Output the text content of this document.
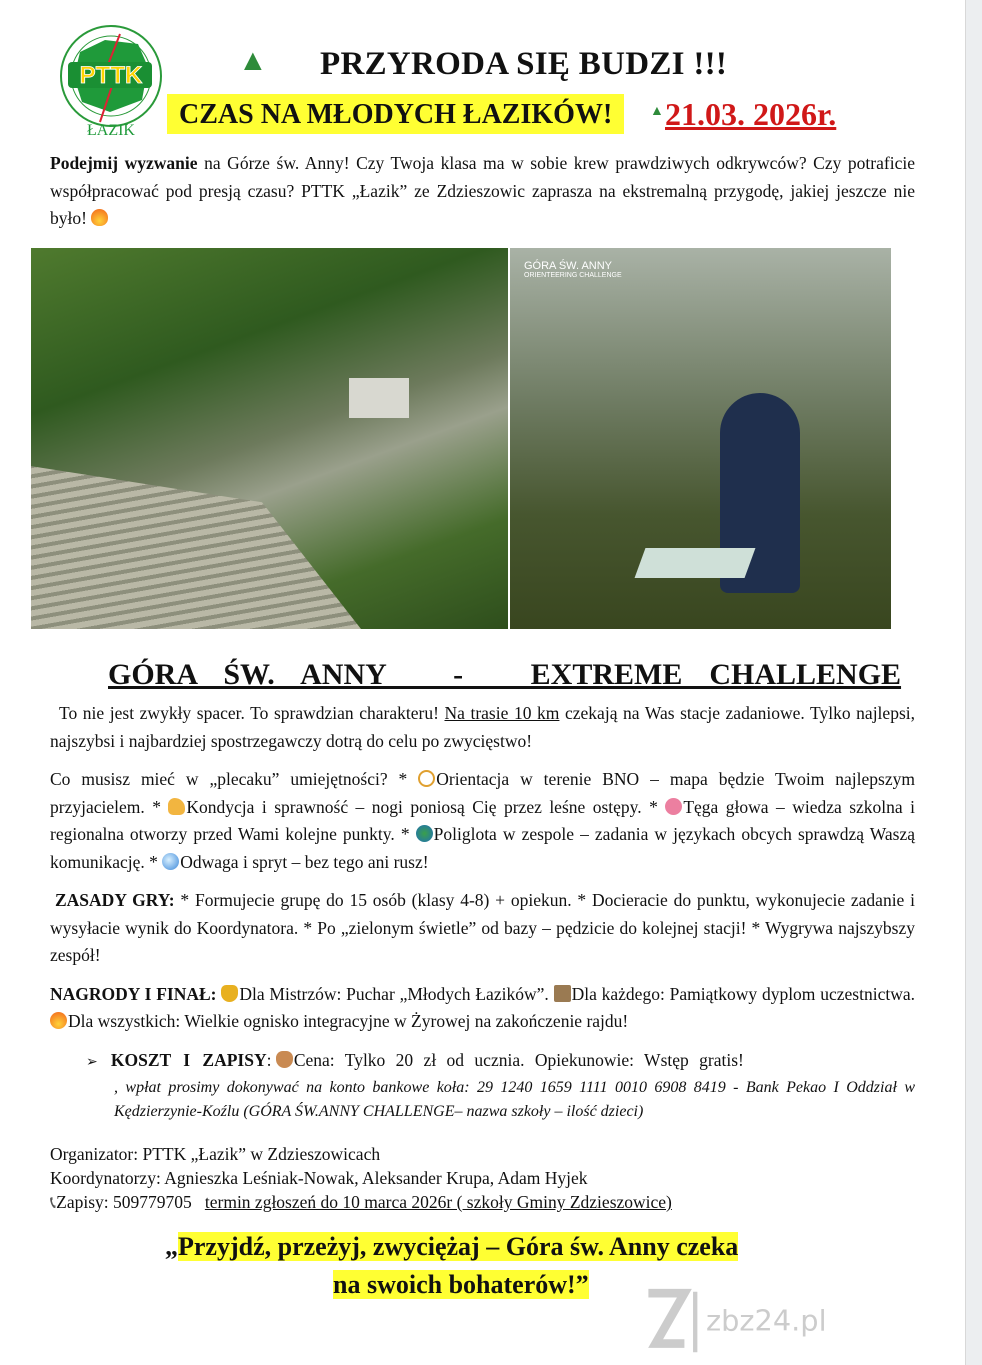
PTTK
ŁAZIK
▲ PRZYRODA SIĘ BUDZI !!!
CZAS NA MŁODYCH ŁAZIKÓW!	▲ 21.03. 2026r.
Podejmij wyzwanie na Górze św. Anny! Czy Twoja klasa ma w sobie krew prawdziwych odkrywców? Czy potraficie współpracować pod presją czasu? PTTK „Łazik” ze Zdzieszowic zaprasza na ekstremalną przygodę, jakiej jeszcze nie było!
GÓRA ŚW. ANNY
ORIENTEERING CHALLENGE
GÓRA  ŚW.  ANNY     -     EXTREME  CHALLENGE
To nie jest zwykły spacer. To sprawdzian charakteru! Na trasie 10 km czekają na Was stacje zadaniowe. Tylko najlepsi, najszybsi i najbardziej spostrzegawczy dotrą do celu po zwycięstwo!
Co musisz mieć w „plecaku” umiejętności? * Orientacja w terenie BNO – mapa będzie Twoim najlepszym przyjacielem. * Kondycja i sprawność – nogi poniosą Cię przez leśne ostępy. * Tęga głowa – wiedza szkolna i regionalna otworzy przed Wami kolejne punkty. * Poliglota w zespole – zadania w językach obcych sprawdzą Waszą komunikację. * Odwaga i spryt – bez tego ani rusz!
ZASADY GRY: * Formujecie grupę do 15 osób (klasy 4-8) + opiekun. * Docieracie do punktu, wykonujecie zadanie i wysyłacie wynik do Koordynatora. * Po „zielonym świetle” od bazy – pędzicie do kolejnej stacji! * Wygrywa najszybszy zespół!
NAGRODY I FINAŁ: Dla Mistrzów: Puchar „Młodych Łazików”. Dla każdego: Pamiątkowy dyplom uczestnictwa. Dla wszystkich: Wielkie ognisko integracyjne w Żyrowej na zakończenie rajdu!
➢ KOSZT I ZAPISY: Cena: Tylko 20 zł od ucznia. Opiekunowie: Wstęp gratis!
, wpłat prosimy dokonywać na konto bankowe koła: 29 1240 1659 1111 0010 6908 8419 - Bank Pekao I Oddział w Kędzierzynie-Koźlu (GÓRA ŚW.ANNY CHALLENGE– nazwa szkoły – ilość dzieci)
Organizator: PTTK „Łazik” w Zdzieszowicach
Koordynatorzy: Agnieszka Leśniak-Nowak, Aleksander Krupa, Adam Hyjek
📞︎Zapisy: 509779705 termin zgłoszeń do 10 marca 2026r ( szkoły Gminy Zdzieszowice)
„Przyjdź, przeżyj, zwyciężaj – Góra św. Anny czeka
na swoich bohaterów!”
zbz24.pl
